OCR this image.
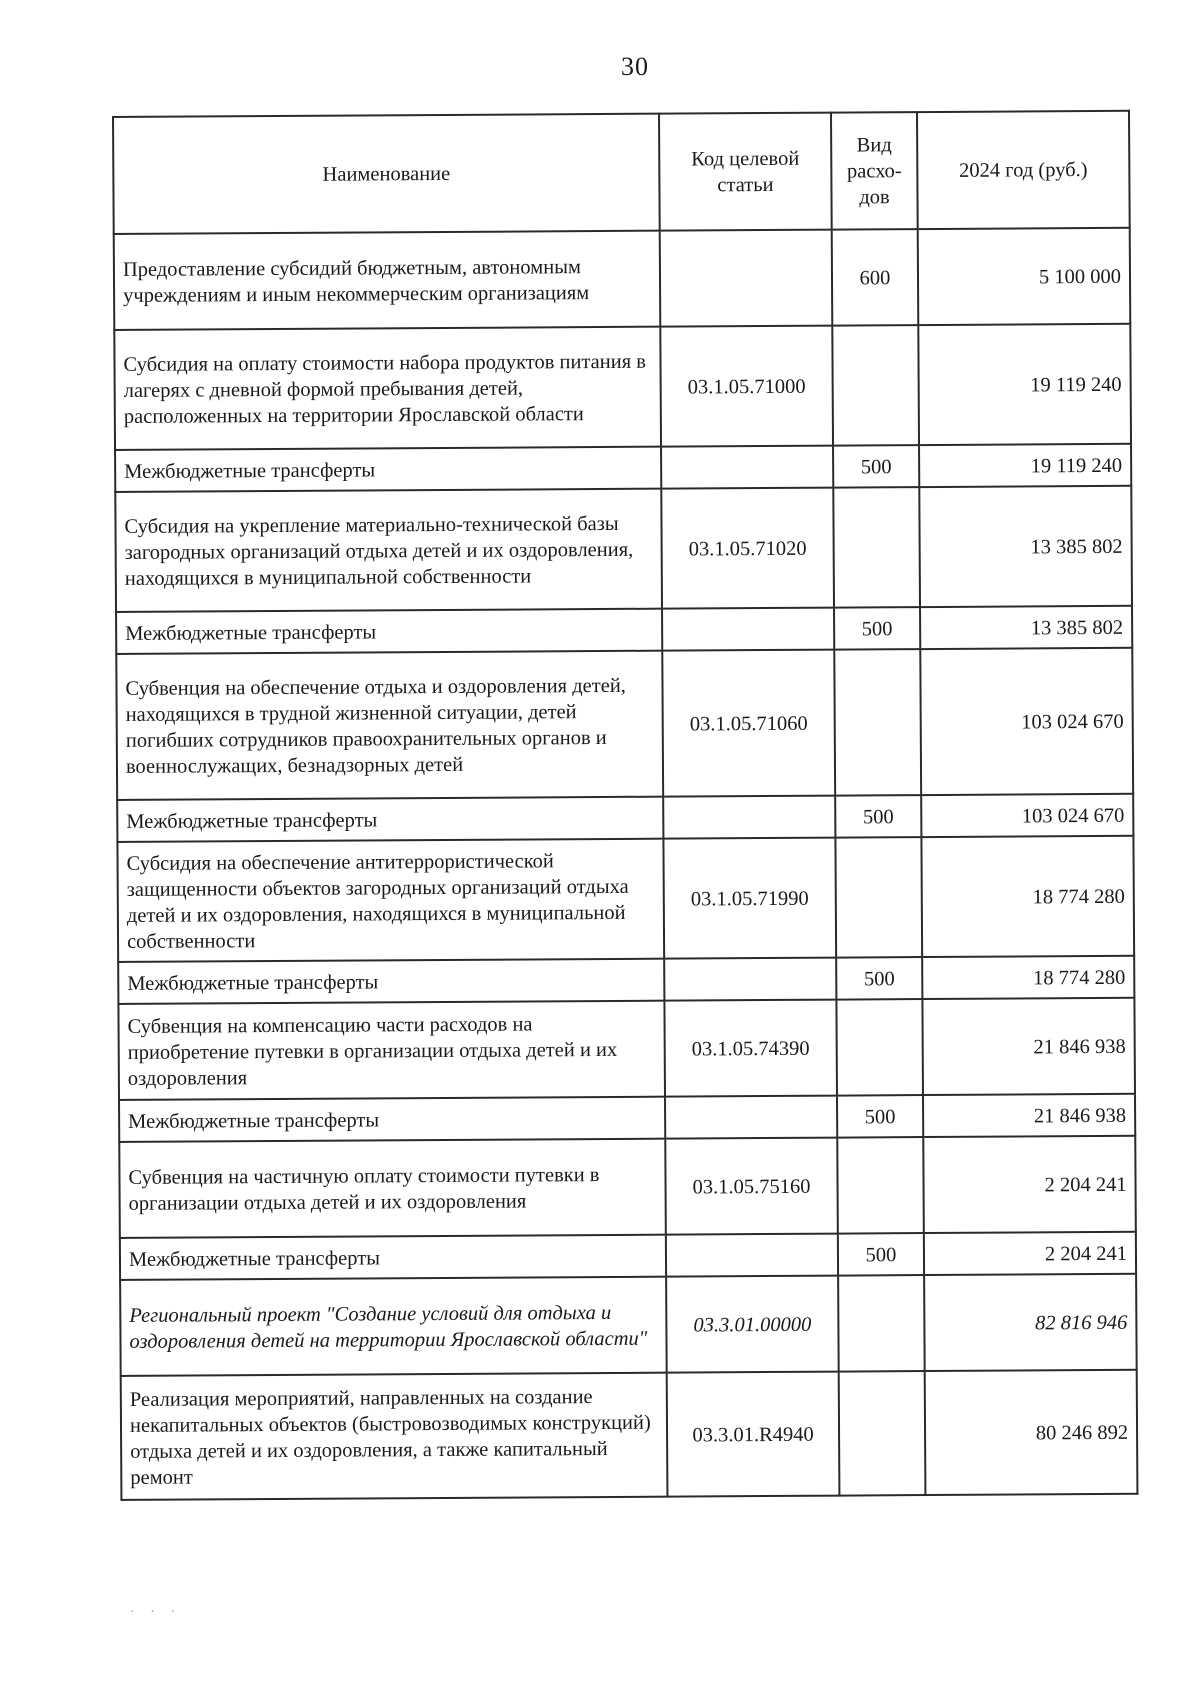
30
Наименование	Код целевой статьи	Вид расхо-дов	2024 год (руб.)
Предоставление субсидий бюджетным, автономным учреждениям и иным некоммерческим организациям		600	5 100 000
Субсидия на оплату стоимости набора продуктов питания в лагерях с дневной формой пребывания детей, расположенных на территории Ярославской области	03.1.05.71000		19 119 240
Межбюджетные трансферты		500	19 119 240
Субсидия на укрепление материально-технической базы загородных организаций отдыха детей и их оздоровления, находящихся в муниципальной собственности	03.1.05.71020		13 385 802
Межбюджетные трансферты		500	13 385 802
Субвенция на обеспечение отдыха и оздоровления детей, находящихся в трудной жизненной ситуации, детей погибших сотрудников правоохранительных органов и военнослужащих, безнадзорных детей	03.1.05.71060		103 024 670
Межбюджетные трансферты		500	103 024 670
Субсидия на обеспечение антитеррористической защищенности объектов загородных организаций отдыха детей и их оздоровления, находящихся в муниципальной собственности	03.1.05.71990		18 774 280
Межбюджетные трансферты		500	18 774 280
Субвенция на компенсацию части расходов на приобретение путевки в организации отдыха детей и их оздоровления	03.1.05.74390		21 846 938
Межбюджетные трансферты		500	21 846 938
Субвенция на частичную оплату стоимости путевки в организации отдыха детей и их оздоровления	03.1.05.75160		2 204 241
Межбюджетные трансферты		500	2 204 241
Региональный проект "Создание условий для отдыха и оздоровления детей на территории Ярославской области"	03.3.01.00000		82 816 946
Реализация мероприятий, направленных на создание некапитальных объектов (быстровозводимых конструкций) отдыха детей и их оздоровления, а также капитальный ремонт	03.3.01.R4940		80 246 892
· · ·
